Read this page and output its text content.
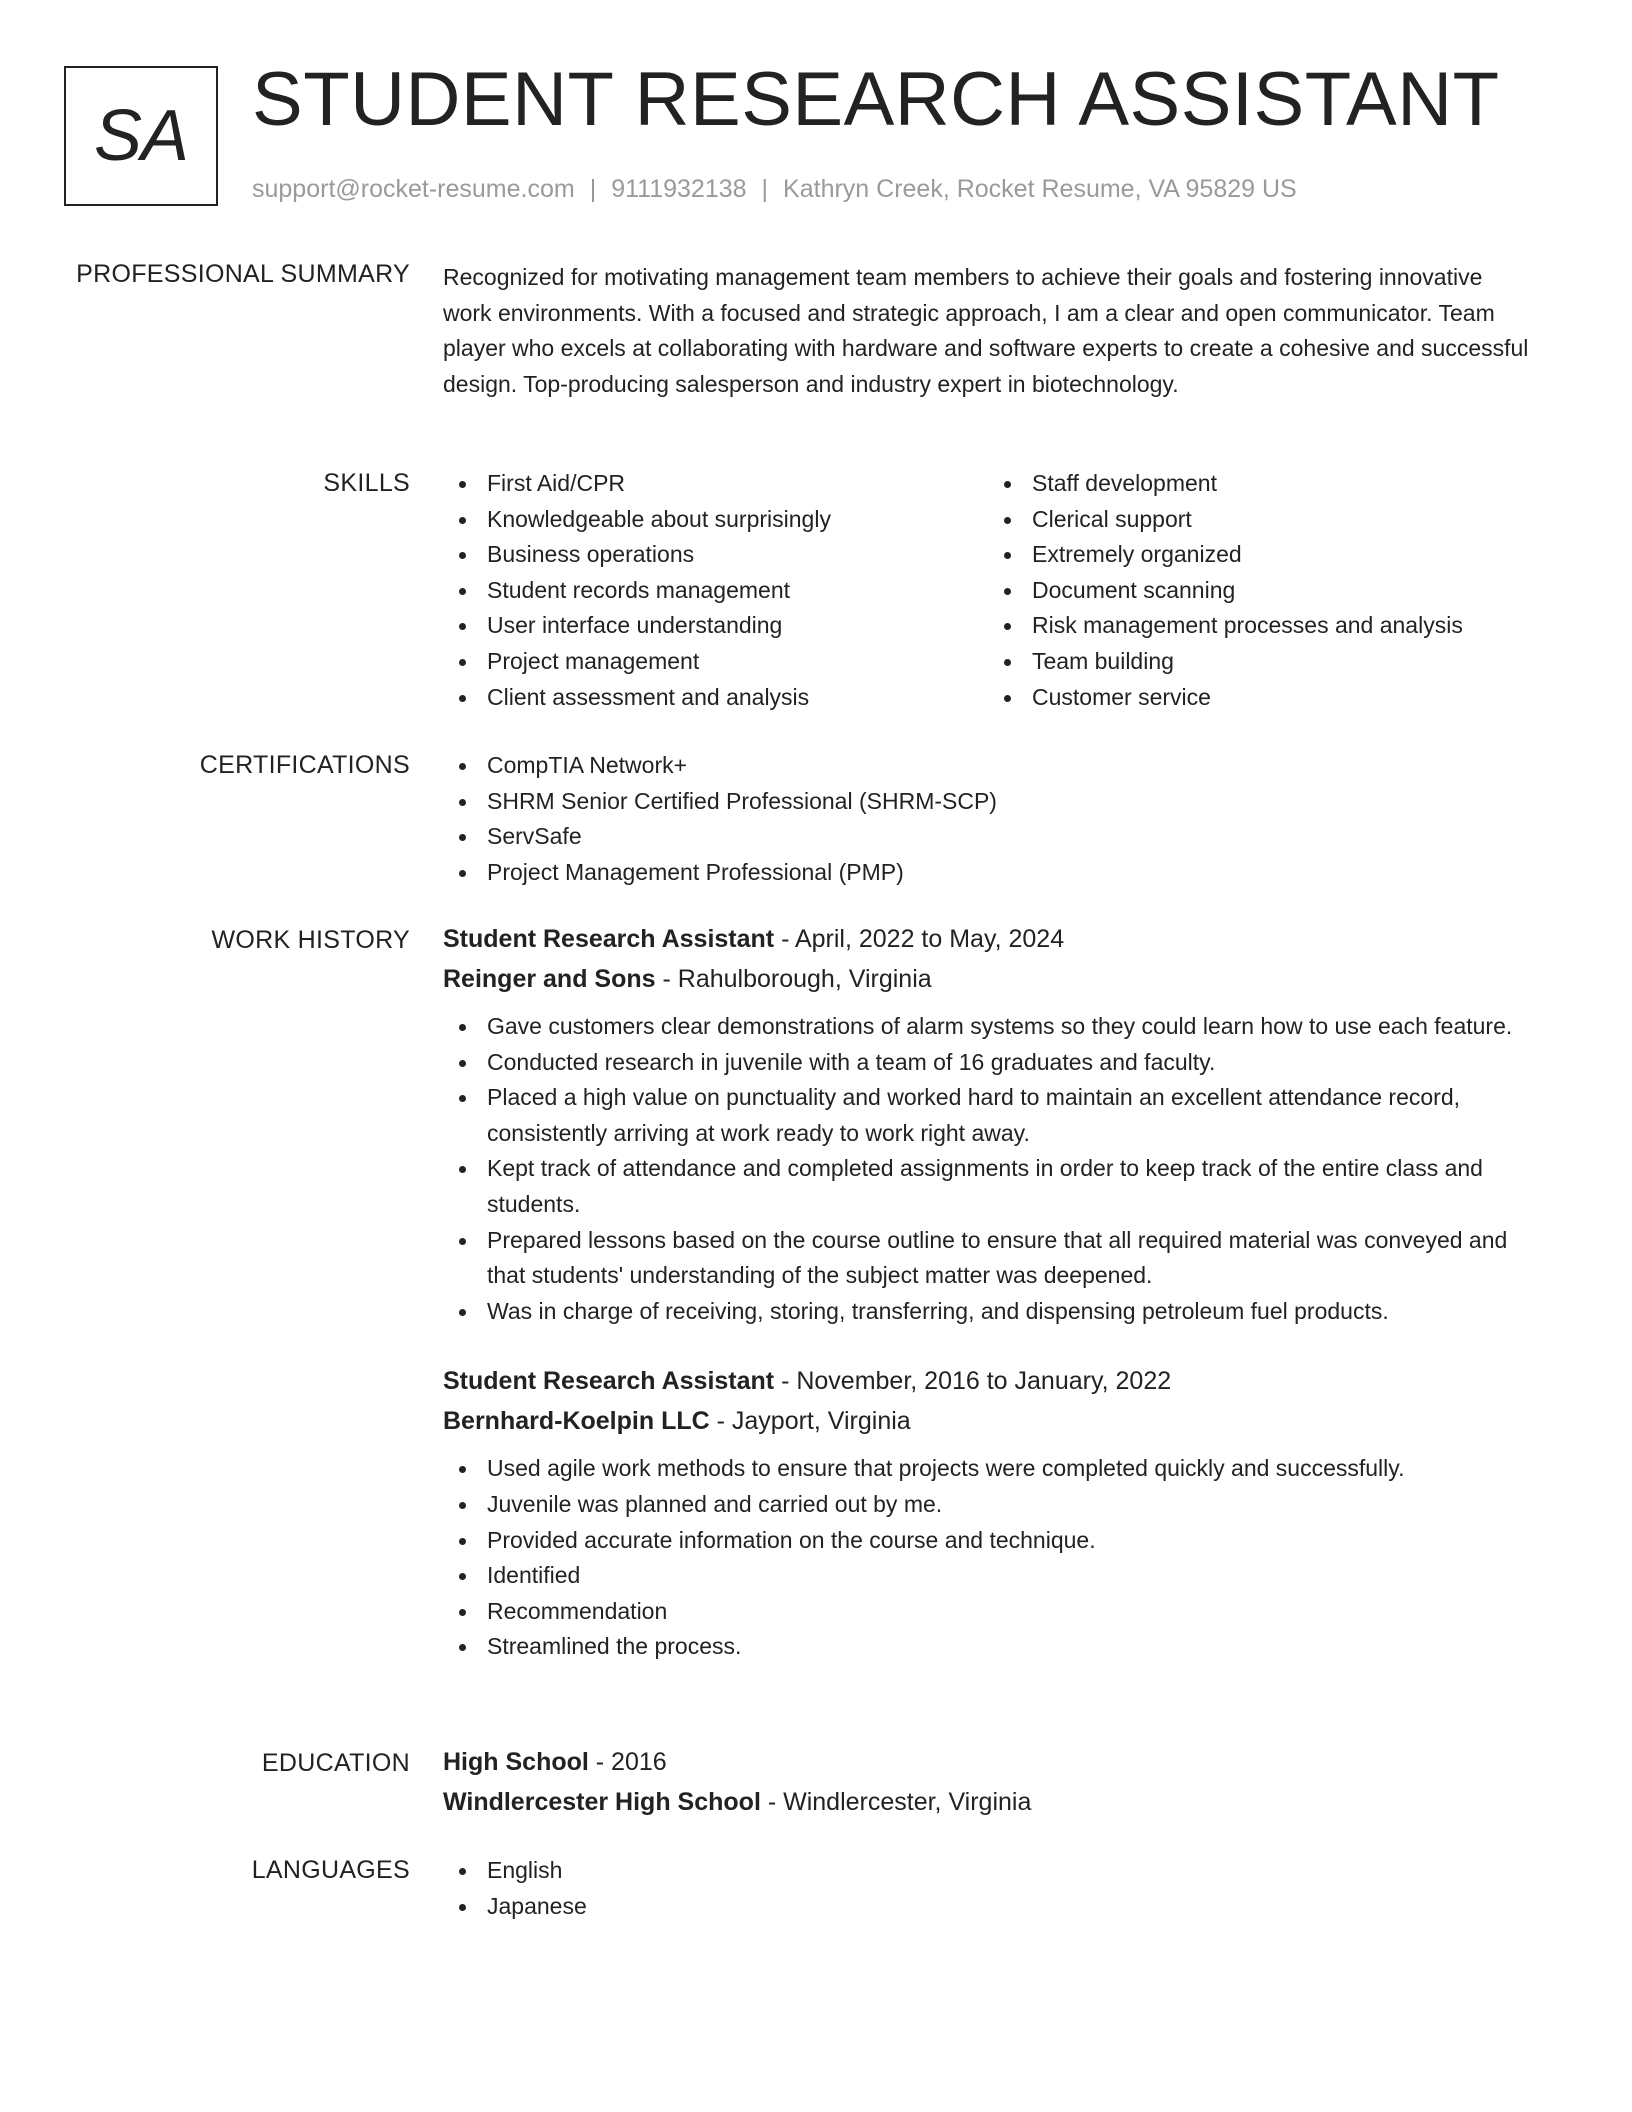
SA STUDENT RESEARCH ASSISTANT
support@rocket-resume.com | 9111932138 | Kathryn Creek, Rocket Resume, VA 95829 US
PROFESSIONAL SUMMARY Recognized for motivating management team members to achieve their goals and fostering innovative work environments. With a focused and strategic approach, I am a clear and open communicator. Team player who excels at collaborating with hardware and software experts to create a cohesive and successful design. Top-producing salesperson and industry expert in biotechnology.

SKILLS	First Aid/CPR
Knowledgeable about surprisingly
Business operations
Student records management
User interface understanding
Project management
Client assessment and analysis
Staff development
Clerical support
Extremely organized
Document scanning
Risk management processes and analysis
Team building
Customer service
CERTIFICATIONS	CompTIA Network+
SHRM Senior Certified Professional (SHRM-SCP)
ServSafe
Project Management Professional (PMP)
WORK HISTORY Student Research Assistant - April, 2022 to May, 2024
Reinger and Sons - Rahulborough, Virginia
Gave customers clear demonstrations of alarm systems so they could learn how to use each feature.
Conducted research in juvenile with a team of 16 graduates and faculty.
Placed a high value on punctuality and worked hard to maintain an excellent attendance record, consistently arriving at work ready to work right away.
Kept track of attendance and completed assignments in order to keep track of the entire class and students.
Prepared lessons based on the course outline to ensure that all required material was conveyed and that students' understanding of the subject matter was deepened.
Was in charge of receiving, storing, transferring, and dispensing petroleum fuel products.
Student Research Assistant - November, 2016 to January, 2022
Bernhard-Koelpin LLC - Jayport, Virginia
Used agile work methods to ensure that projects were completed quickly and successfully.
Juvenile was planned and carried out by me.
Provided accurate information on the course and technique.
Identified
Recommendation
Streamlined the process.
EDUCATION High School - 2016
Windlercester High School - Windlercester, Virginia
LANGUAGES	English
Japanese
